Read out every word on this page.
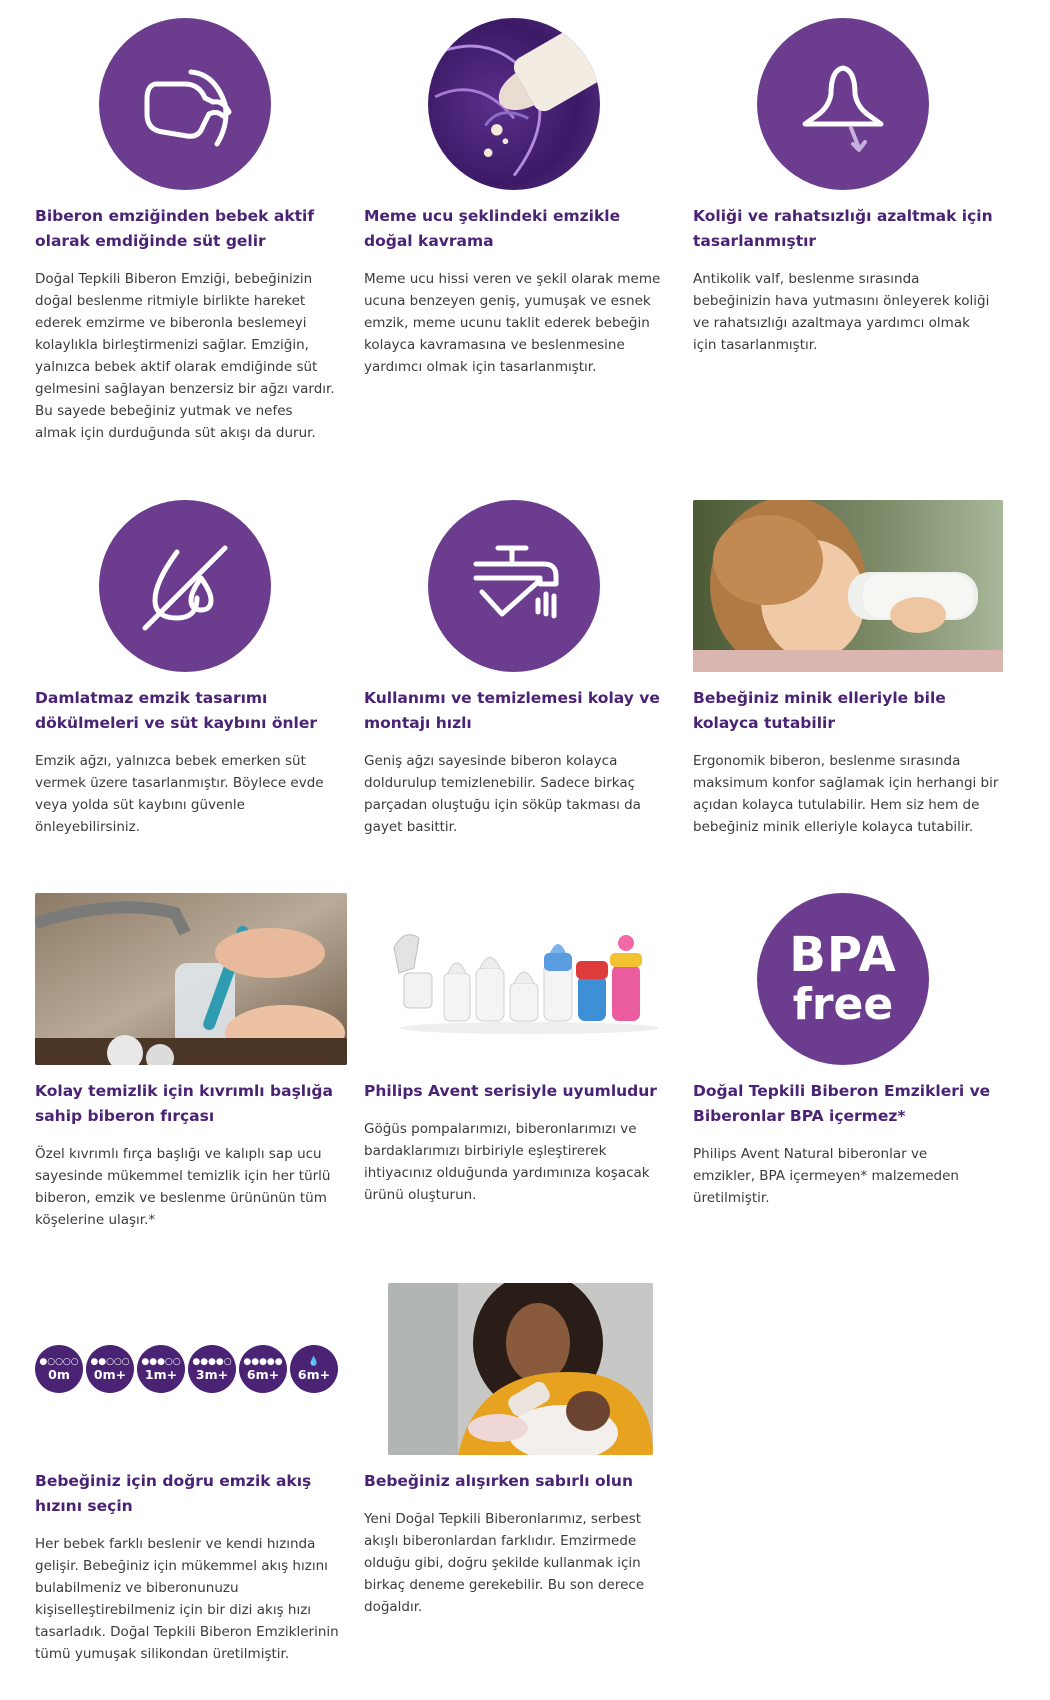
Biberon emziğinden bebek aktif olarak emdiğinde süt gelir
Doğal Tepkili Biberon Emziği, bebeğinizin doğal beslenme ritmiyle birlikte hareket ederek emzirme ve biberonla beslemeyi kolaylıkla birleştirmenizi sağlar. Emziğin, yalnızca bebek aktif olarak emdiğinde süt gelmesini sağlayan benzersiz bir ağzı vardır. Bu sayede bebeğiniz yutmak ve nefes almak için durduğunda süt akışı da durur.
Meme ucu şeklindeki emzikle doğal kavrama
Meme ucu hissi veren ve şekil olarak meme ucuna benzeyen geniş, yumuşak ve esnek emzik, meme ucunu taklit ederek bebeğin kolayca kavramasına ve beslenmesine yardımcı olmak için tasarlanmıştır.
Koliği ve rahatsızlığı azaltmak için tasarlanmıştır
Antikolik valf, beslenme sırasında bebeğinizin hava yutmasını önleyerek koliği ve rahatsızlığı azaltmaya yardımcı olmak için tasarlanmıştır.
Damlatmaz emzik tasarımı dökülmeleri ve süt kaybını önler
Emzik ağzı, yalnızca bebek emerken süt vermek üzere tasarlanmıştır. Böylece evde veya yolda süt kaybını güvenle önleyebilirsiniz.
Kullanımı ve temizlemesi kolay ve montajı hızlı
Geniş ağzı sayesinde biberon kolayca doldurulup temizlenebilir. Sadece birkaç parçadan oluştuğu için söküp takması da gayet basittir.
Bebeğiniz minik elleriyle bile kolayca tutabilir
Ergonomik biberon, beslenme sırasında maksimum konfor sağlamak için herhangi bir açıdan kolayca tutulabilir. Hem siz hem de bebeğiniz minik elleriyle kolayca tutabilir.
Kolay temizlik için kıvrımlı başlığa sahip biberon fırçası
Özel kıvrımlı fırça başlığı ve kalıplı sap ucu sayesinde mükemmel temizlik için her türlü biberon, emzik ve beslenme ürününün tüm köşelerine ulaşır.*
Philips Avent serisiyle uyumludur
Göğüs pompalarımızı, biberonlarımızı ve bardaklarımızı birbiriyle eşleştirerek ihtiyacınız olduğunda yardımınıza koşacak ürünü oluşturun.
BPA
free
Doğal Tepkili Biberon Emzikleri ve Biberonlar BPA içermez*
Philips Avent Natural biberonlar ve emzikler, BPA içermeyen* malzemeden üretilmiştir.
●○○○○
0m
●●○○○
0m+
●●●○○
1m+
●●●●○
3m+
●●●●●
6m+
💧
6m+
Bebeğiniz için doğru emzik akış hızını seçin
Her bebek farklı beslenir ve kendi hızında gelişir. Bebeğiniz için mükemmel akış hızını bulabilmeniz ve biberonunuzu kişiselleştirebilmeniz için bir dizi akış hızı tasarladık. Doğal Tepkili Biberon Emziklerinin tümü yumuşak silikondan üretilmiştir.
Bebeğiniz alışırken sabırlı olun
Yeni Doğal Tepkili Biberonlarımız, serbest akışlı biberonlardan farklıdır. Emzirmede olduğu gibi, doğru şekilde kullanmak için birkaç deneme gerekebilir. Bu son derece doğaldır.
